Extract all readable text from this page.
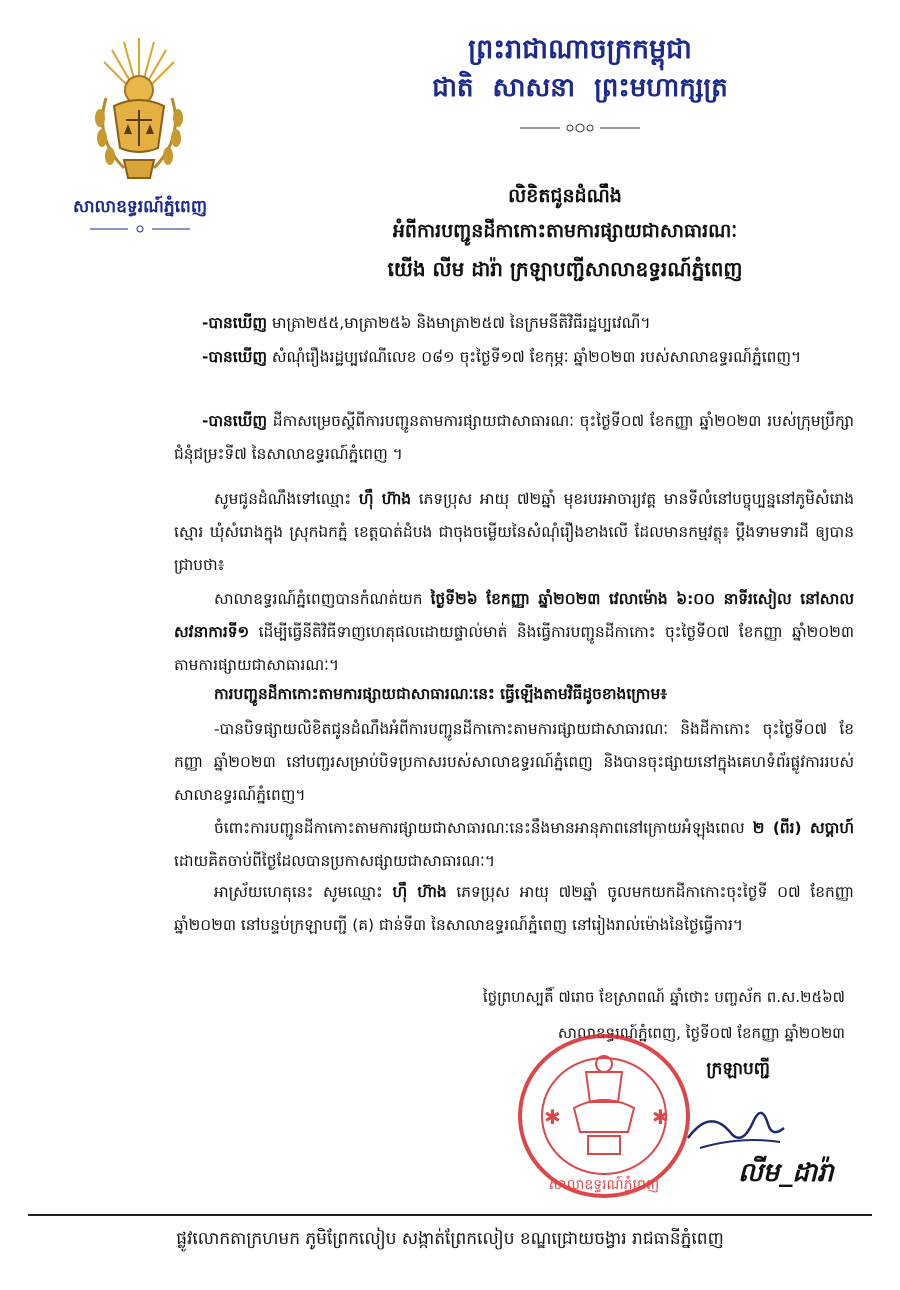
សាលាឧទ្ធរណ៍ភ្នំពេញ
ព្រះរាជាណាចក្រកម្ពុជា
ជាតិ សាសនា ព្រះមហាក្សត្រ
លិខិតជូនដំណឹង
អំពីការបញ្ជូនដីកាកោះតាមការផ្សាយជាសាធារណៈ
យើង លីម ដារ៉ា ក្រឡាបញ្ជីសាលាឧទ្ធរណ៍ភ្នំពេញ
-បានឃើញ មាត្រា២៥៥,មាត្រា២៥៦ និងមាត្រា២៥៧ នៃក្រមនីតិវិធីរដ្ឋប្បវេណី។
-បានឃើញ សំណុំរឿងរដ្ឋប្បវេណីលេខ ០៨១ ចុះថ្ងៃទី១៧ ខែកុម្ភៈ ឆ្នាំ២០២៣ របស់សាលាឧទ្ធរណ៍ភ្នំពេញ។
-បានឃើញ ដីកាសម្រេចស្តីពីការបញ្ជូនតាមការផ្សាយជាសាធារណៈ ចុះថ្ងៃទី០៧ ខែកញ្ញា ឆ្នាំ២០២៣ របស់ក្រុមប្រឹក្សាជំនុំជម្រះទី៧ នៃសាលាឧទ្ធរណ៍ភ្នំពេញ ។
សូមជូនដំណឹងទៅឈ្មោះ ហ៊ឹ ហ៊ាង ភេទប្រុស អាយុ ៧២ឆ្នាំ មុខរបរអាចារ្យវត្ត មានទីលំនៅបច្ចុប្បន្ននៅភូមិសំរោងស្មោរ ឃុំសំរោងក្នុង ស្រុកឯកភ្នំ ខេត្តបាត់ដំបង ជាចុងចម្លើយនៃសំណុំរឿងខាងលើ ដែលមានកម្មវត្ថុ៖ ប្តឹងទាមទារដី ឲ្យបានជ្រាបថា៖
សាលាឧទ្ធរណ៍ភ្នំពេញបានកំណត់យក ថ្ងៃទី២៦ ខែកញ្ញា ឆ្នាំ២០២៣ វេលាម៉ោង ៦:០០ នាទីរសៀល នៅសាលសវនាការទី១ ដើម្បីធ្វើនីតិវិធីទាញហេតុផលដោយផ្ទាល់មាត់ និងធ្វើការបញ្ជូនដីកាកោះ ចុះថ្ងៃទី០៧ ខែកញ្ញា ឆ្នាំ២០២៣ តាមការផ្សាយជាសាធារណៈ។
ការបញ្ជូនដីកាកោះតាមការផ្សាយជាសាធារណៈនេះ ធ្វើឡើងតាមវិធីដូចខាងក្រោម៖
-បានបិទផ្សាយលិខិតជូនដំណឹងអំពីការបញ្ជូនដីកាកោះតាមការផ្សាយជាសាធារណៈ និងដីកាកោះ ចុះថ្ងៃទី០៧ ខែកញ្ញា ឆ្នាំ២០២៣ នៅបញ្ជរសម្រាប់បិទប្រកាសរបស់សាលាឧទ្ធរណ៍ភ្នំពេញ និងបានចុះផ្សាយនៅក្នុងគេហទំព័រផ្លូវការរបស់សាលាឧទ្ធរណ៍ភ្នំពេញ។
ចំពោះការបញ្ជូនដីកាកោះតាមការផ្សាយជាសាធារណៈនេះនឹងមានអានុភាពនៅក្រោយអំឡុងពេល ២ (ពីរ) សប្តាហ៍ ដោយគិតចាប់ពីថ្ងៃដែលបានប្រកាសផ្សាយជាសាធារណៈ។
អាស្រ័យហេតុនេះ សូមឈ្មោះ ហ៊ឹ ហ៊ាង ភេទប្រុស អាយុ ៧២ឆ្នាំ ចូលមកយកដីកាកោះចុះថ្ងៃទី ០៧ ខែកញ្ញា ឆ្នាំ២០២៣ នៅបន្ទប់ក្រឡាបញ្ជី (គ) ជាន់ទី៣ នៃសាលាឧទ្ធរណ៍ភ្នំពេញ នៅរៀងរាល់ម៉ោងនៃថ្ងៃធ្វើការ។
ថ្ងៃព្រហស្បតិ៍ ៧រោច ខែស្រាពណ៍ ឆ្នាំថោះ បញ្ចស័ក ព.ស.២៥៦៧
សាលាឧទ្ធរណ៍ភ្នំពេញ, ថ្ងៃទី០៧ ខែកញ្ញា ឆ្នាំ២០២៣
ក្រឡាបញ្ជី
✱	✱
សាលាឧទ្ធរណ៍ភ្នំពេញ	លីម_ដារ៉ា
ផ្លូវលោកតាក្រហមក ភូមិព្រែកលៀប សង្កាត់ព្រែកលៀប ខណ្ឌជ្រោយចង្វារ រាជធានីភ្នំពេញ
